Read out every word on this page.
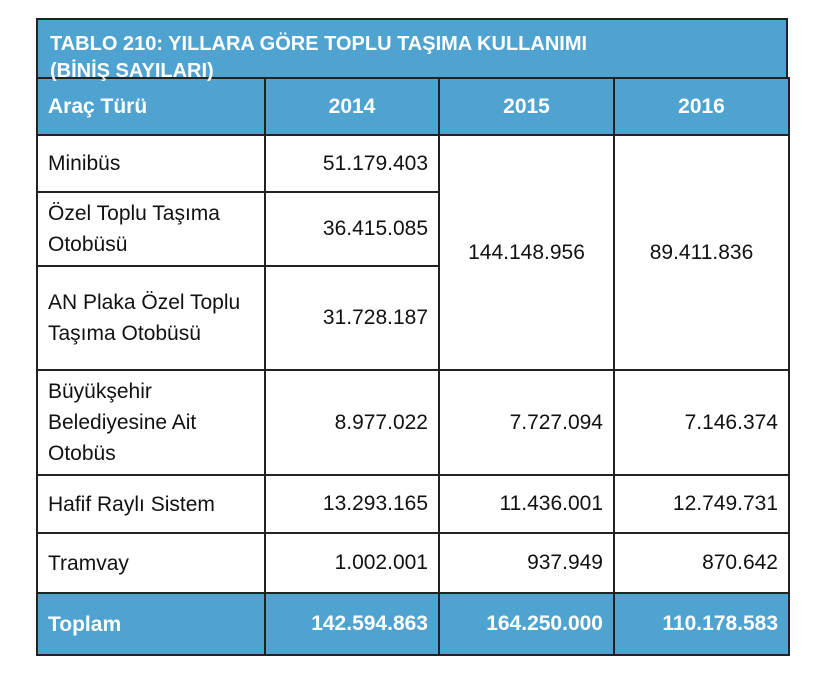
TABLO 210: YILLARA GÖRE TOPLU TAŞIMA KULLANIMI
(BİNİŞ SAYILARI)
Araç Türü	2014	2015	2016
Minibüs	51.179.403	144.148.956	89.411.836
Özel Toplu Taşıma Otobüsü	36.415.085		
AN Plaka Özel Toplu Taşıma Otobüsü	31.728.187		
Büyükşehir Belediyesine Ait Otobüs	8.977.022	7.727.094	7.146.374
Hafif Raylı Sistem	13.293.165	11.436.001	12.749.731
Tramvay	1.002.001	937.949	870.642
Toplam	142.594.863	164.250.000	110.178.583
